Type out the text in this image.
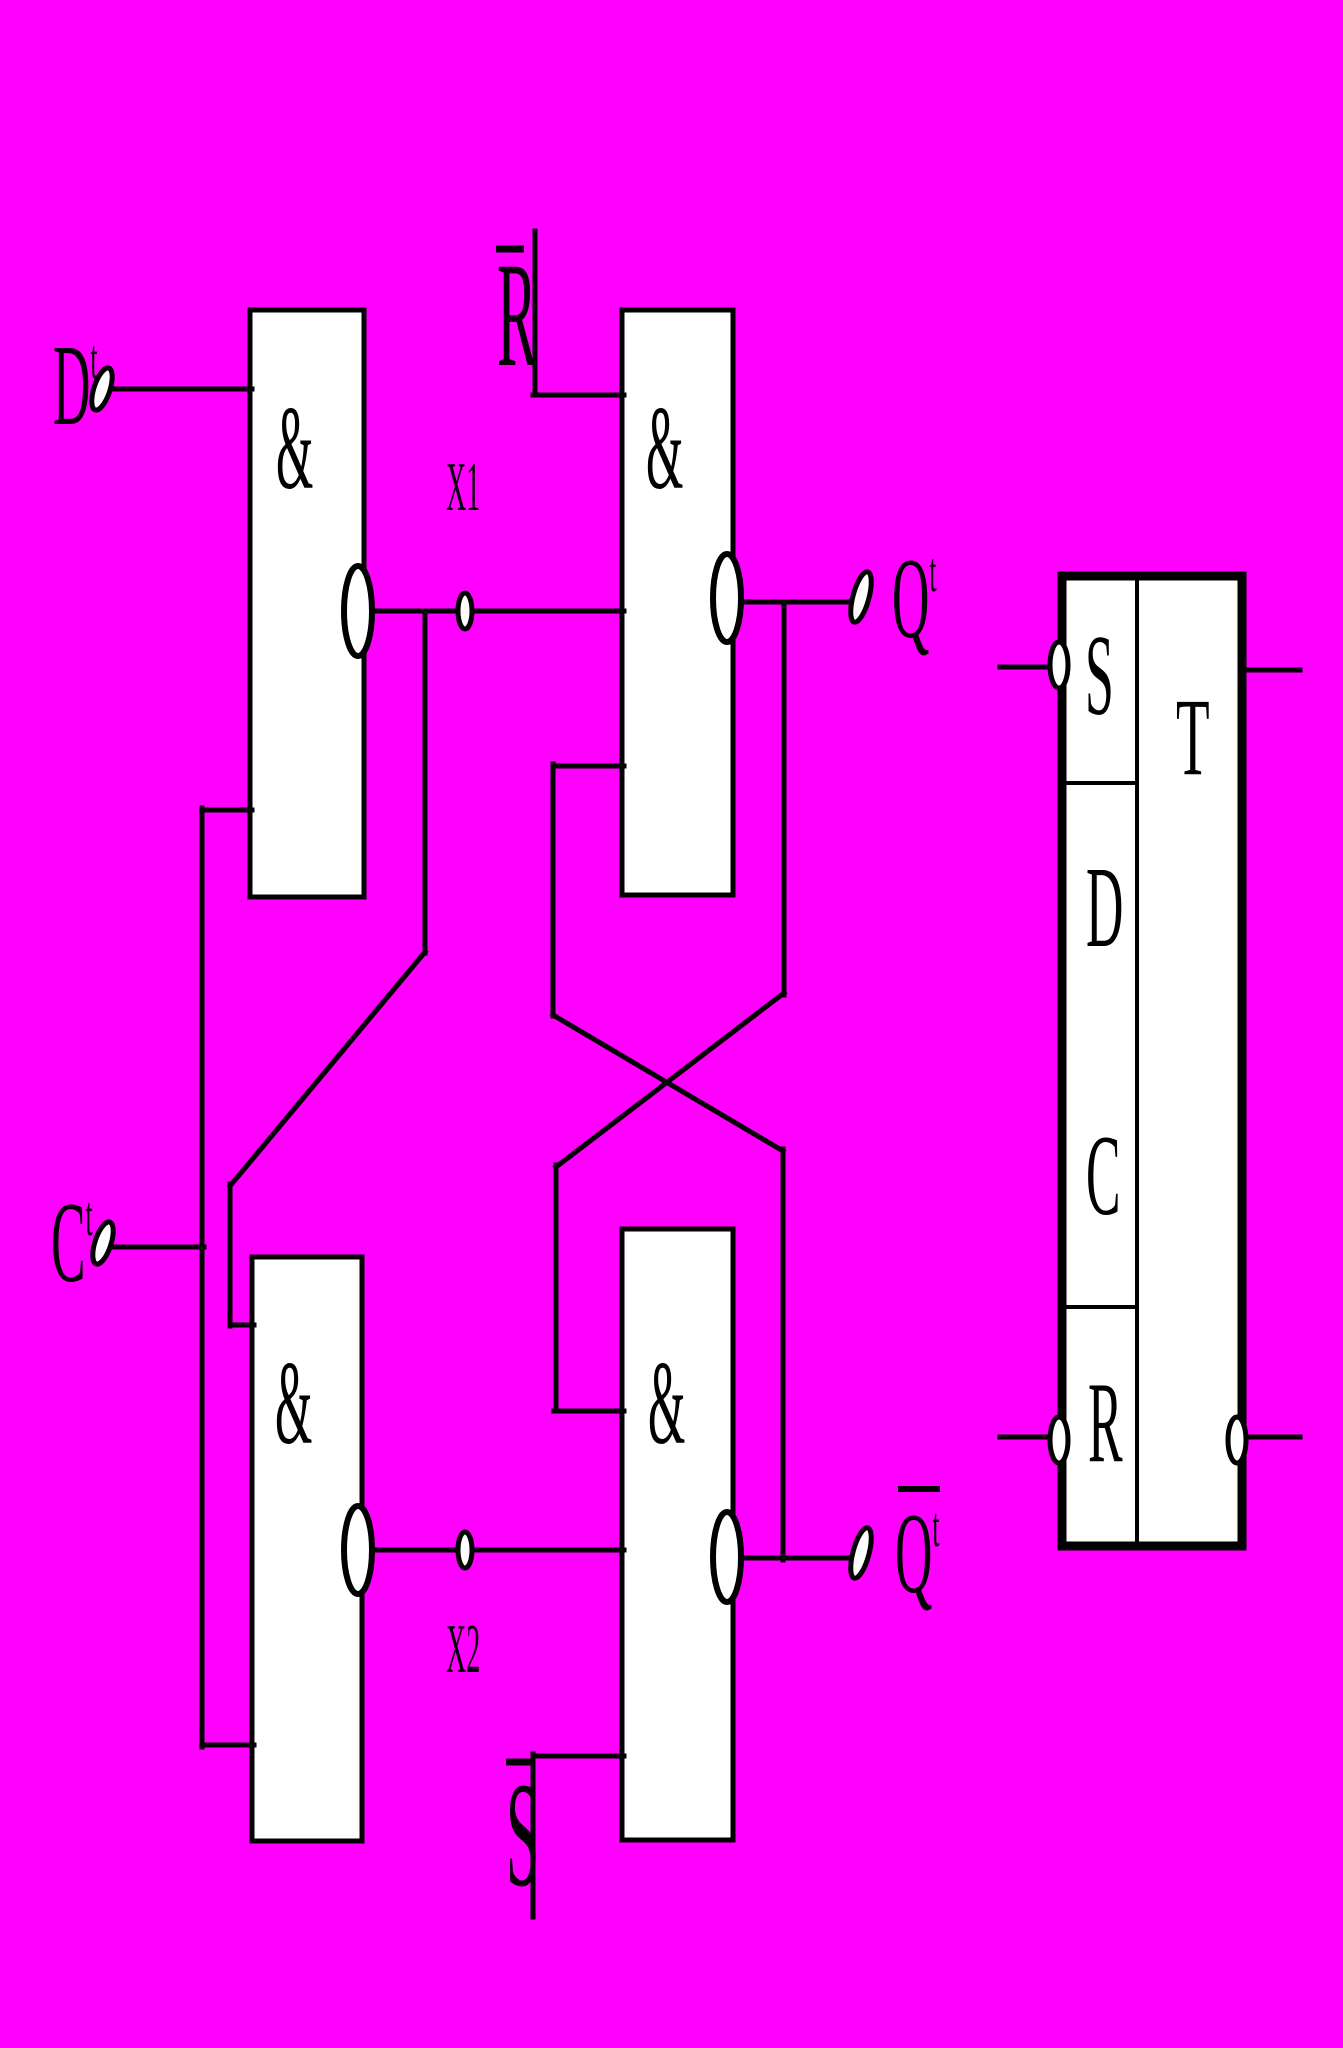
&	&
&	&
$D^t$
$C^t$
R
S
$Q^t$
$Q^t$
X1
X2
S
D
C
R
T
